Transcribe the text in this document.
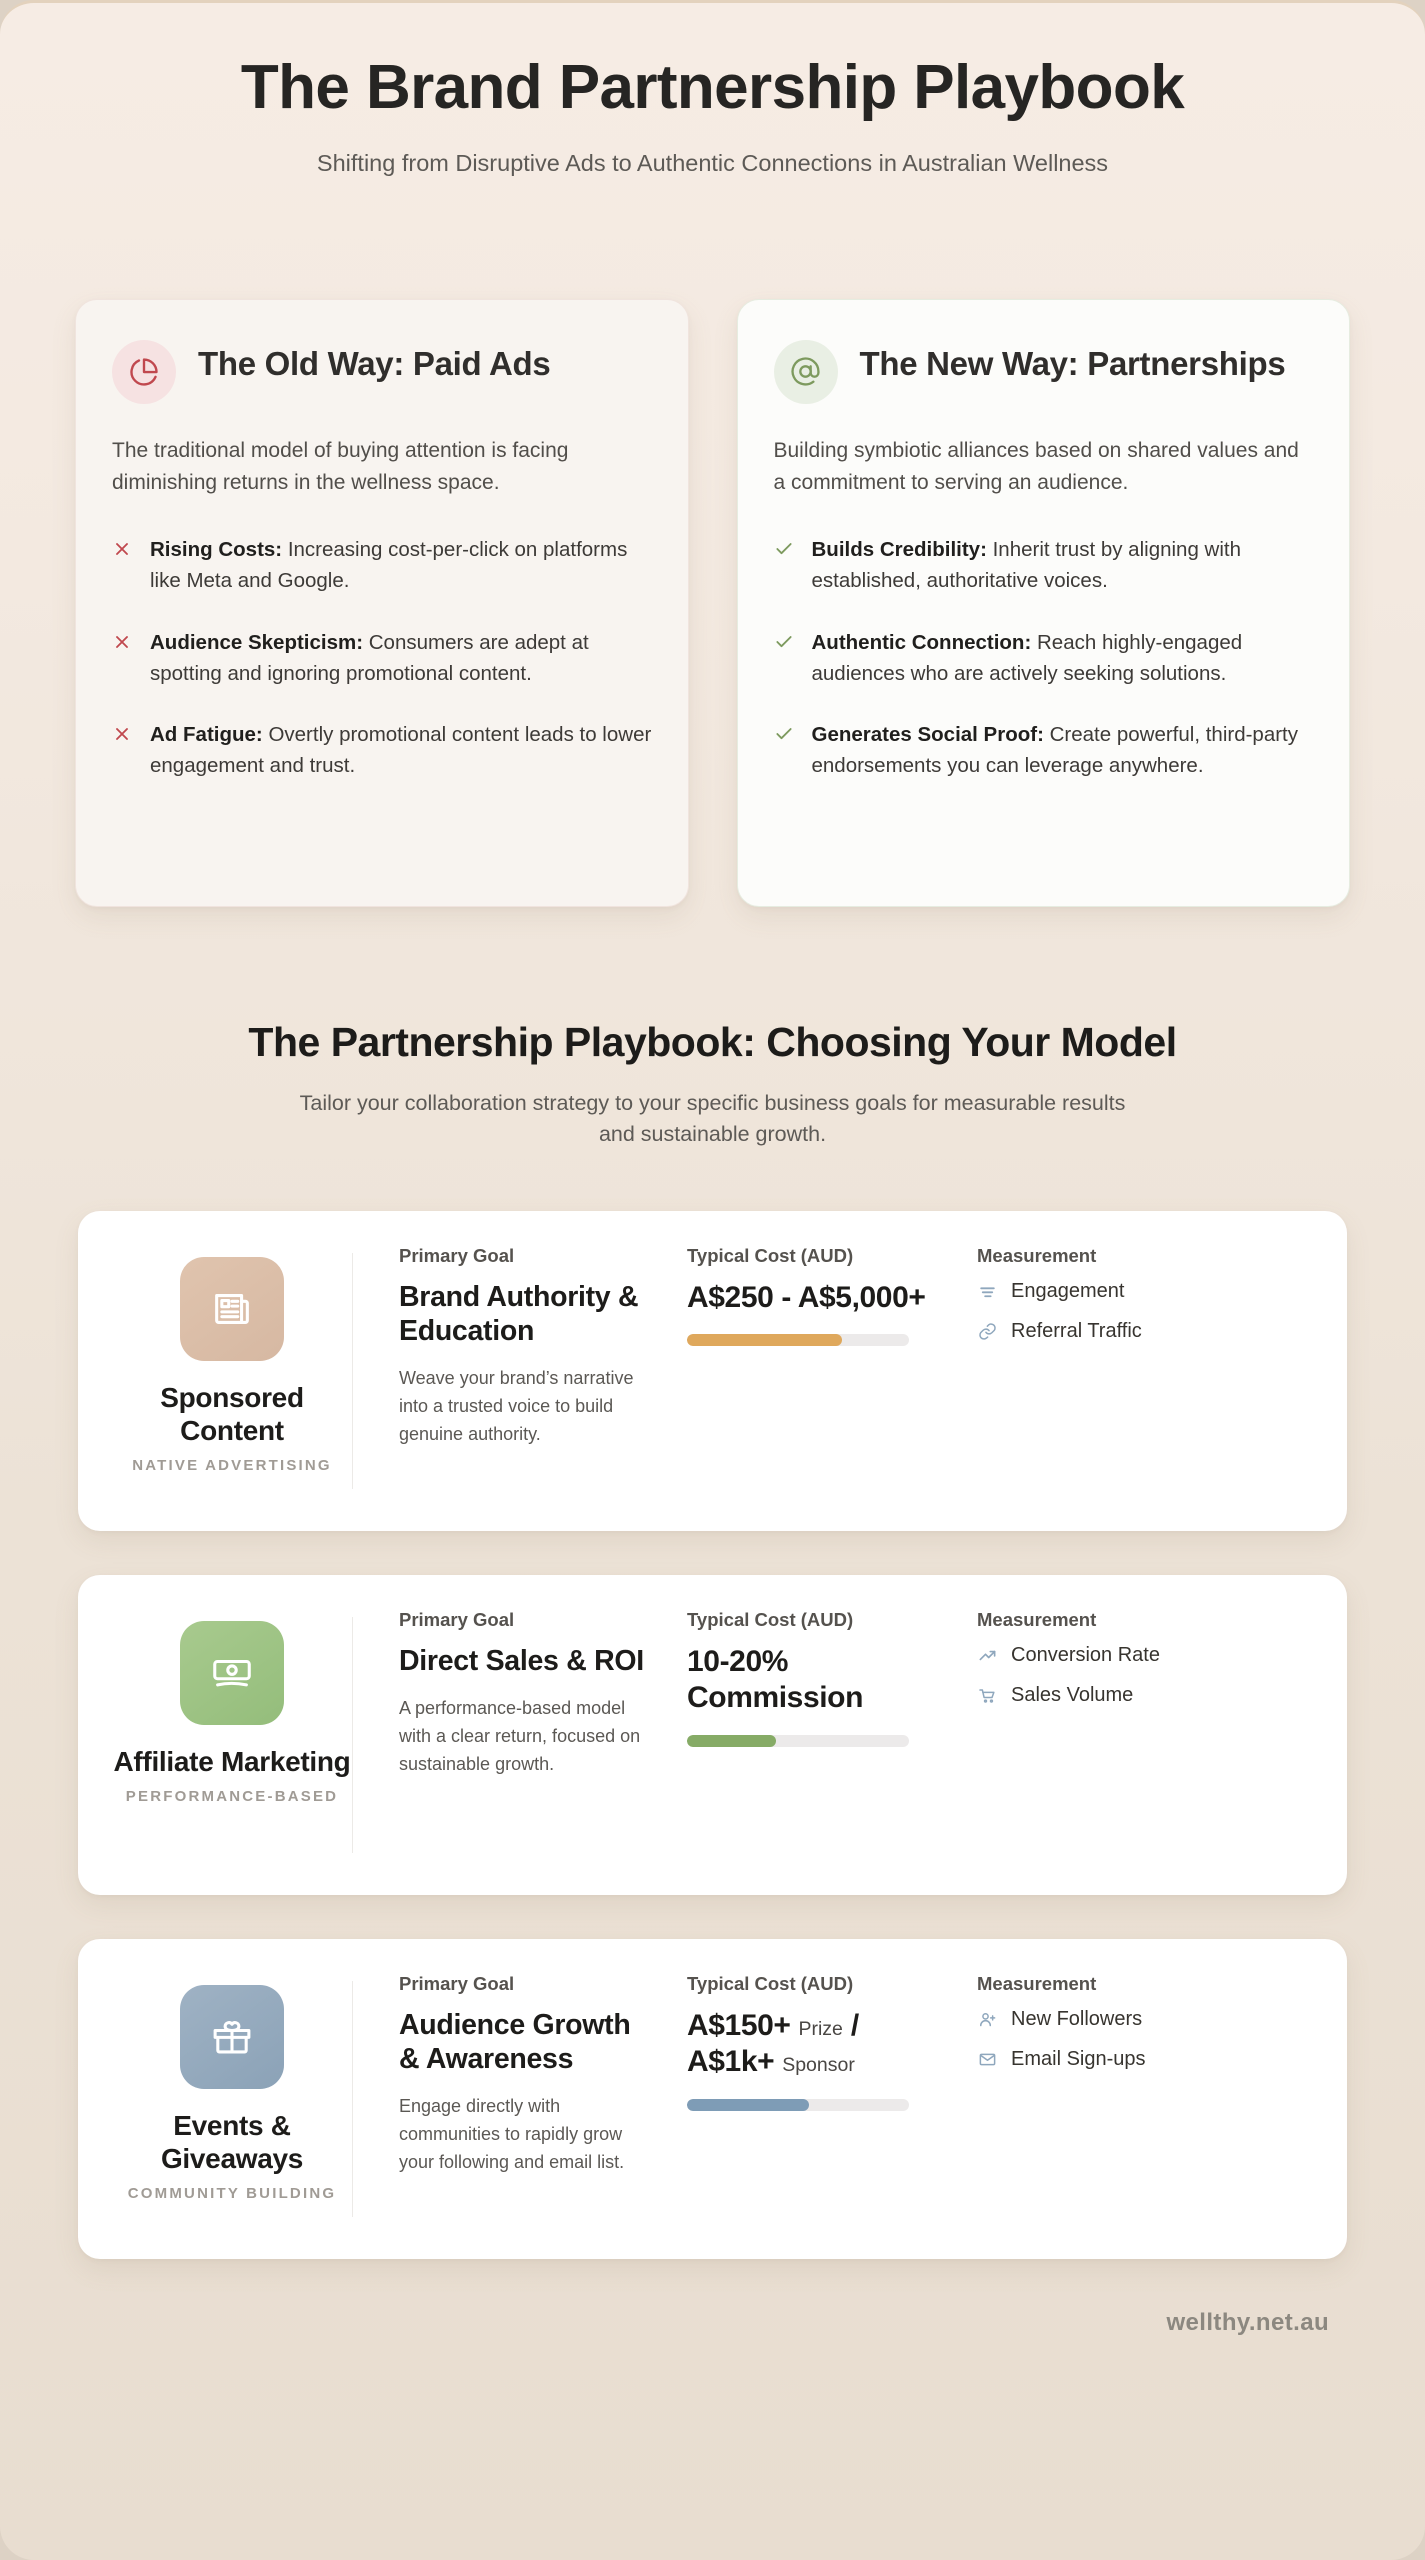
The Brand Partnership Playbook

Shifting from Disruptive Ads to Authentic Connections in Australian Wellness

The Old Way: Paid Ads

The traditional model of buying attention is facing diminishing returns in the wellness space.

Rising Costs: Increasing cost-per-click on platforms like Meta and Google.
Audience Skepticism: Consumers are adept at spotting and ignoring promotional content.
Ad Fatigue: Overtly promotional content leads to lower engagement and trust.
The New Way: Partnerships

Building symbiotic alliances based on shared values and a commitment to serving an audience.

Builds Credibility: Inherit trust by aligning with established, authoritative voices.
Authentic Connection: Reach highly-engaged audiences who are actively seeking solutions.
Generates Social Proof: Create powerful, third-party endorsements you can leverage anywhere.
The Partnership Playbook: Choosing Your Model

Tailor your collaboration strategy to your specific business goals for measurable results and sustainable growth.

Sponsored Content
NATIVE ADVERTISING
Primary Goal
Brand Authority & Education
Weave your brand’s narrative into a trusted voice to build genuine authority.
Typical Cost (AUD)
A$250 - A$5,000+
Measurement
Engagement
Referral Traffic
Affiliate Marketing
PERFORMANCE-BASED
Primary Goal
Direct Sales & ROI
A performance-based model with a clear return, focused on sustainable growth.
Typical Cost (AUD)
10-20% Commission
Measurement
Conversion Rate
Sales Volume
Events & Giveaways
COMMUNITY BUILDING
Primary Goal
Audience Growth & Awareness
Engage directly with communities to rapidly grow your following and email list.
Typical Cost (AUD)
A$150+ Prize / A$1k+ Sponsor
Measurement
New Followers
Email Sign-ups
wellthy.net.au
